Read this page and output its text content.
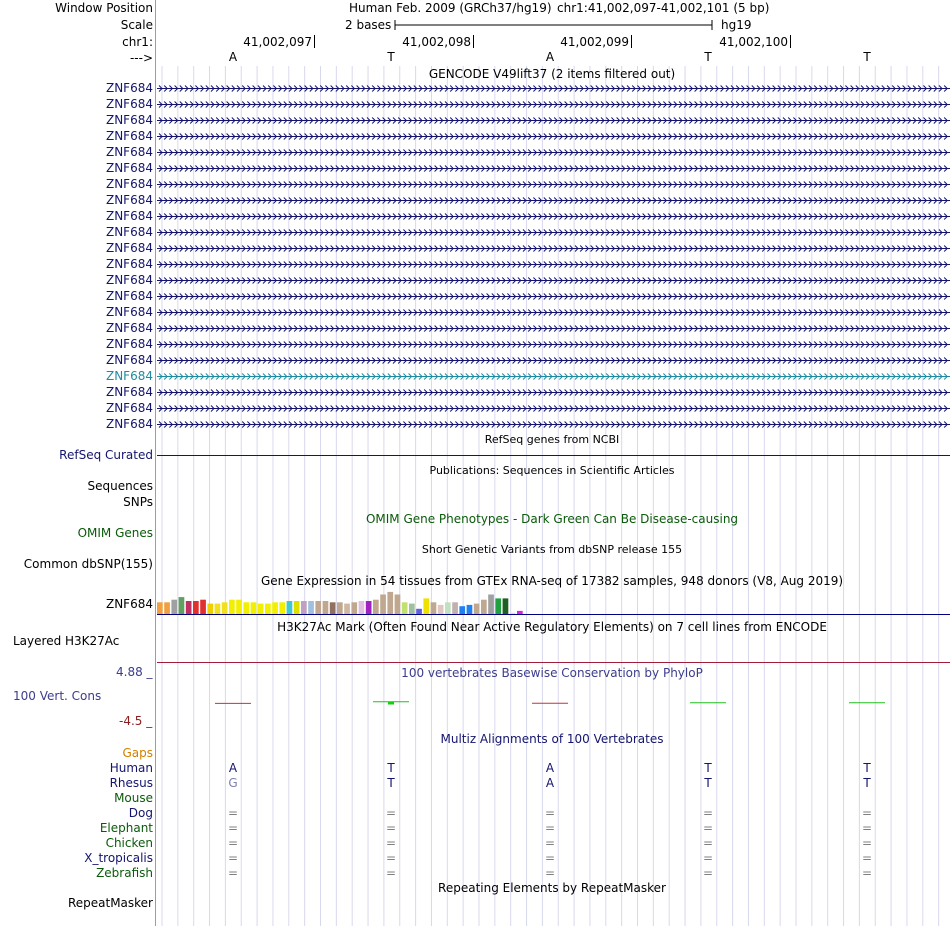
Window Position
Scale
chr1:
--->
Human Feb. 2009 (GRCh37/hg19) chr1:41,002,097-41,002,101 (5 bp)
2 bases	hg19
41,002,097	41,002,098	41,002,099	41,002,100
A	T	A	T	T
GENCODE V49lift37 (2 items filtered out)
ZNF684
ZNF684
ZNF684
ZNF684
ZNF684
ZNF684
ZNF684
ZNF684
ZNF684
ZNF684
ZNF684
ZNF684
ZNF684
ZNF684
ZNF684
ZNF684
ZNF684
ZNF684
ZNF684
ZNF684
ZNF684
ZNF684
RefSeq genes from NCBI
RefSeq Curated
Publications: Sequences in Scientific Articles
Sequences
SNPs
OMIM Gene Phenotypes - Dark Green Can Be Disease-causing
OMIM Genes
Short Genetic Variants from dbSNP release 155
Common dbSNP(155)
Gene Expression in 54 tissues from GTEx RNA-seq of 17382 samples, 948 donors (V8, Aug 2019)
ZNF684
H3K27Ac Mark (Often Found Near Active Regulatory Elements) on 7 cell lines from ENCODE
Layered H3K27Ac
100 vertebrates Basewise Conservation by PhyloP
4.88 _
100 Vert. Cons
-4.5 _
Multiz Alignments of 100 Vertebrates
Gaps
Human	A	T	A	T	T
Rhesus	G	T	A	T	T
Mouse
Dog	=	=	=	=	=
Elephant	=	=	=	=	=
Chicken	=	=	=	=	=
X_tropicalis	=	=	=	=	=
Zebrafish	=	=	=	=	=
Repeating Elements by RepeatMasker
RepeatMasker
